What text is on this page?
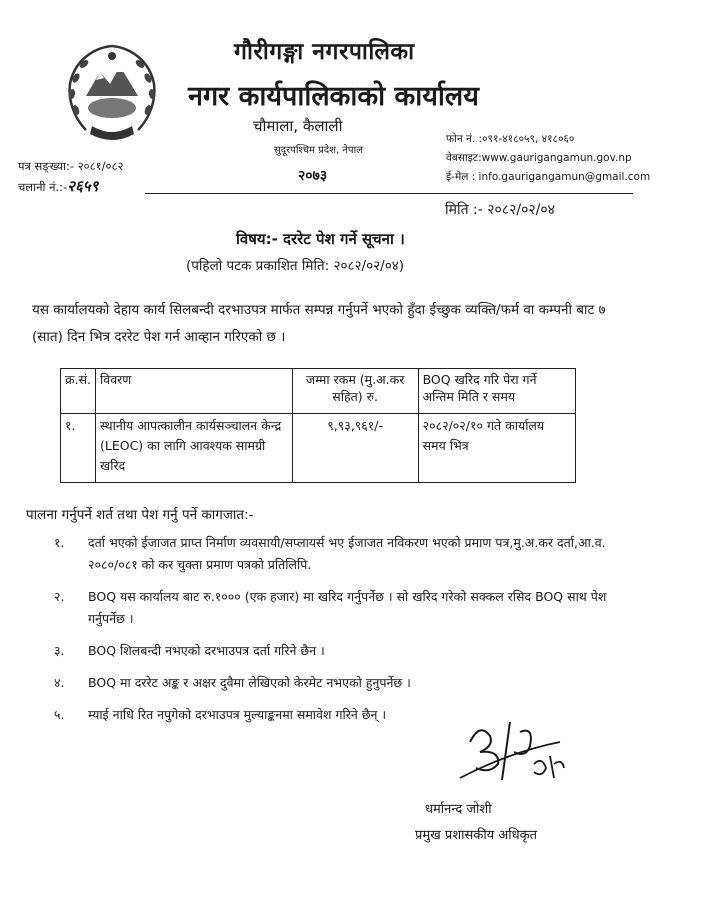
गौरीगङ्गा नगरपालिका
नगर कार्यपालिकाको कार्यालय
चौमाला, कैलाली
सुदूरपश्चिम प्रदेश, नेपाल
२०७३
फोन नं. :०९१-४१८०५९, ४१८०६०
वेबसाइट:www.gaurigangamun.gov.np
ई-मेल : info.gaurigangamun@gmail.com
पत्र सङ्ख्या:- २०८१/०८२
चलानी नं.:-२६५९
मिति :- २०८२/०२/०४
विषय:- दररेट पेश गर्ने सूचना ।
(पहिलो पटक प्रकाशित मिति: २०८२/०२/०४)
यस कार्यालयको देहाय कार्य सिलबन्दी दरभाउपत्र मार्फत सम्पन्न गर्नुपर्ने भएको हुँदा ईच्छुक व्यक्ति/फर्म वा कम्पनी बाट ७ (सात) दिन भित्र दररेट पेश गर्न आव्हान गरिएको छ ।
क्र.सं.	विवरण	जम्मा रकम (मु.अ.कर सहित) रु.	BOQ खरिद गरि पेरा गर्ने अन्तिम मिति र समय
१.	स्थानीय आपत्कालीन कार्यसञ्चालन केन्द्र (LEOC) का लागि आवश्यक सामग्री खरिद	९,९३,९६१/-	२०८२/०२/१० गते कार्यालय समय भित्र
पालना गर्नुपर्ने शर्त तथा पेश गर्नु पर्ने कागजात:-
१. दर्ता भएको ईजाजत प्राप्त निर्माण व्यवसायी/सप्लायर्स भए ईजाजत नविकरण भएको प्रमाण पत्र,मु.अ.कर दर्ता,आ.व. २०८०/०८१ को कर चुक्ता प्रमाण पत्रको प्रतिलिपि.
२. BOQ यस कार्यालय बाट रु.१००० (एक हजार) मा खरिद गर्नुपर्नेछ । सो खरिद गरेको सक्कल रसिद BOQ साथ पेश गर्नुपर्नेछ ।
३. BOQ शिलबन्दी नभएको दरभाउपत्र दर्ता गरिने छैन ।
४. BOQ मा दररेट अङ्क र अक्षर दुवैमा लेखिएको केरमेट नभएको हुनुपर्नेछ ।
५. म्याई नाधि रित नपुगेको दरभाउपत्र मुल्याङ्कनमा समावेश गरिने छैन् ।
धर्मानन्द जोशी
प्रमुख प्रशासकीय अधिकृत
